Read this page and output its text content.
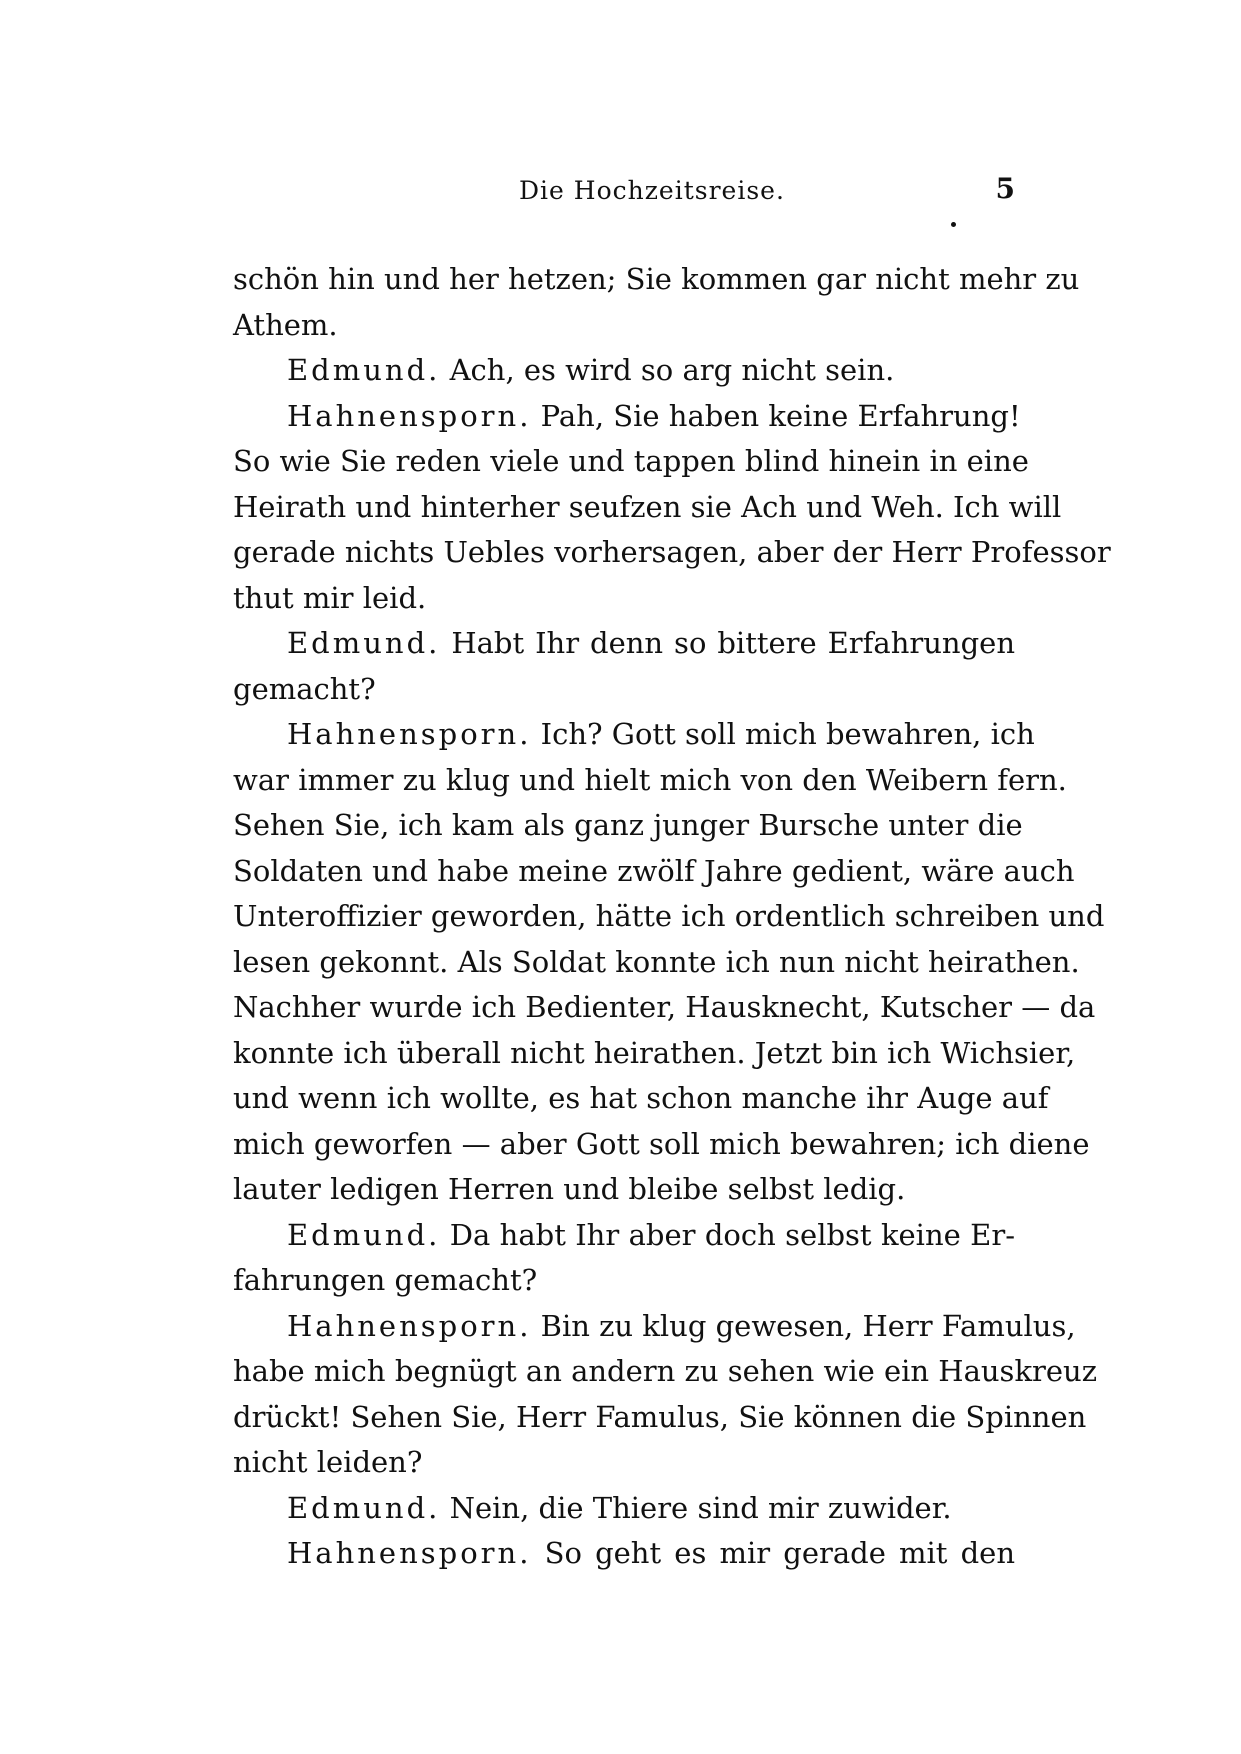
Die Hochzeitsreise.	5
schön hin und her hetzen; Sie kommen gar nicht mehr zu
Athem.
Edmund. Ach, es wird so arg nicht sein.
Hahnensporn. Pah, Sie haben keine Erfahrung!
So wie Sie reden viele und tappen blind hinein in eine
Heirath und hinterher seufzen sie Ach und Weh. Ich will
gerade nichts Uebles vorhersagen, aber der Herr Professor
thut mir leid.
Edmund. Habt Ihr denn so bittere Erfahrungen
gemacht?
Hahnensporn. Ich? Gott soll mich bewahren, ich
war immer zu klug und hielt mich von den Weibern fern.
Sehen Sie, ich kam als ganz junger Bursche unter die
Soldaten und habe meine zwölf Jahre gedient, wäre auch
Unteroffizier geworden, hätte ich ordentlich schreiben und
lesen gekonnt. Als Soldat konnte ich nun nicht heirathen.
Nachher wurde ich Bedienter, Hausknecht, Kutscher — da
konnte ich überall nicht heirathen. Jetzt bin ich Wichsier,
und wenn ich wollte, es hat schon manche ihr Auge auf
mich geworfen — aber Gott soll mich bewahren; ich diene
lauter ledigen Herren und bleibe selbst ledig.
Edmund. Da habt Ihr aber doch selbst keine Er-
fahrungen gemacht?
Hahnensporn. Bin zu klug gewesen, Herr Famulus,
habe mich begnügt an andern zu sehen wie ein Hauskreuz
drückt! Sehen Sie, Herr Famulus, Sie können die Spinnen
nicht leiden?
Edmund. Nein, die Thiere sind mir zuwider.
Hahnensporn. So geht es mir gerade mit den
